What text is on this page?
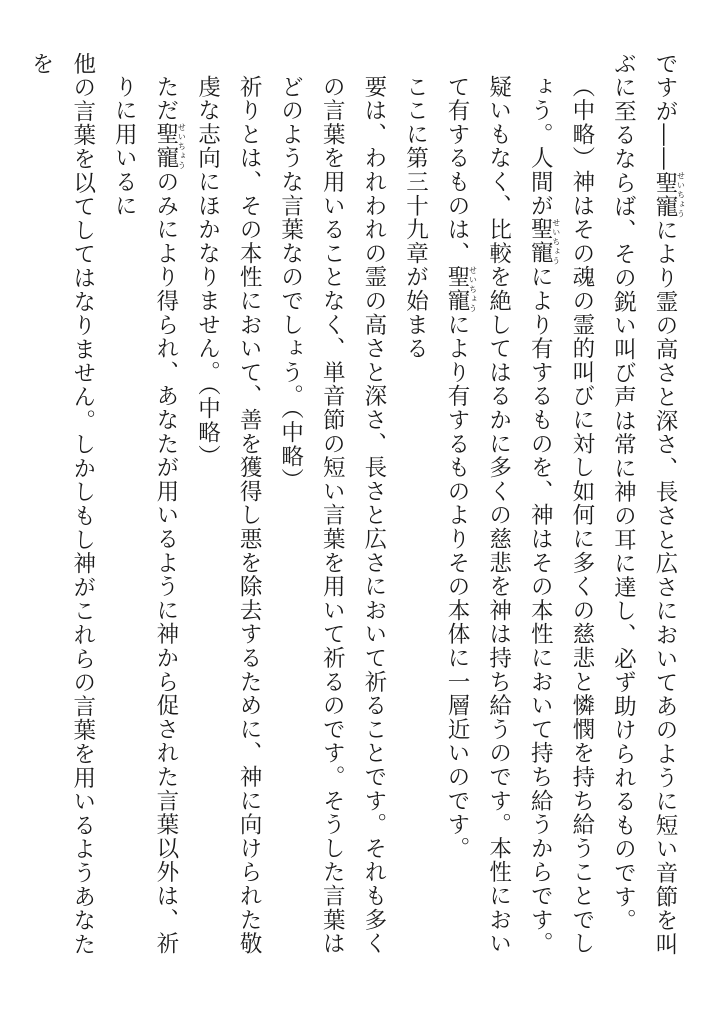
ですが――聖寵せいちょうにより霊の高さと深さ、長さと広さにおいてあのように短い音節を叫ぶに至るならば、その鋭い叫び声は常に神の耳に達し、必ず助けられるものです。

（中略）神はその魂の霊的叫びに対し如何に多くの慈悲と憐憫を持ち給うことでしょう。人間が聖寵せいちょうにより有するものを、神はその本性において持ち給うからです。疑いもなく、比較を絶してはるかに多くの慈悲を神は持ち給うのです。本性において有するものは、聖寵せいちょうにより有するものよりその本体に一層近いのです。

ここに第三十九章が始まる

要は、われわれの霊の高さと深さ、長さと広さにおいて祈ることです。それも多くの言葉を用いることなく、単音節の短い言葉を用いて祈るのです。そうした言葉はどのような言葉なのでしょう。（中略）

祈りとは、その本性において、善を獲得し悪を除去するために、神に向けられた敬虔な志向にほかなりません。（中略）

ただ聖寵せいちょうのみにより得られ、あなたが用いるように神から促された言葉以外は、祈りに用いるに

他の言葉を以てしてはなりません。しかしもし神がこれらの言葉を用いるようあなたを
